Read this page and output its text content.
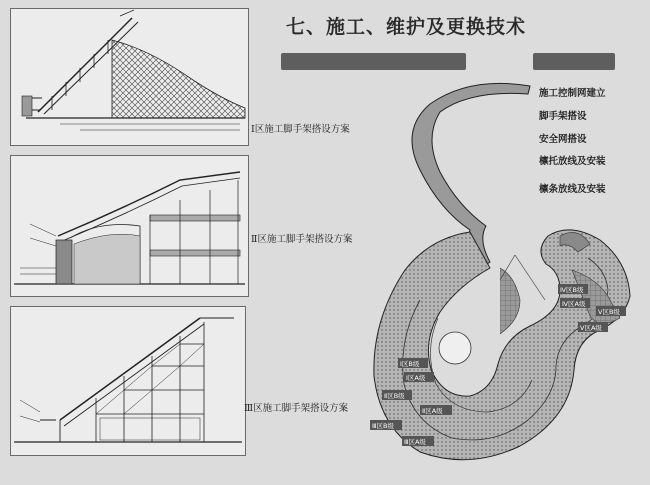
Ⅰ区B级
Ⅰ区A级
Ⅱ区B级
Ⅱ区A级
Ⅲ区B级
Ⅲ区A级
Ⅳ区B级
Ⅳ区A级
Ⅴ区A级
Ⅴ区B级
七、施工、维护及更换技术
Ⅰ区施工脚手架搭设方案
Ⅱ区施工脚手架搭设方案
Ⅲ区施工脚手架搭设方案
施工控制网建立
脚手架搭设
安全网搭设
檩托放线及安装
檩条放线及安装
